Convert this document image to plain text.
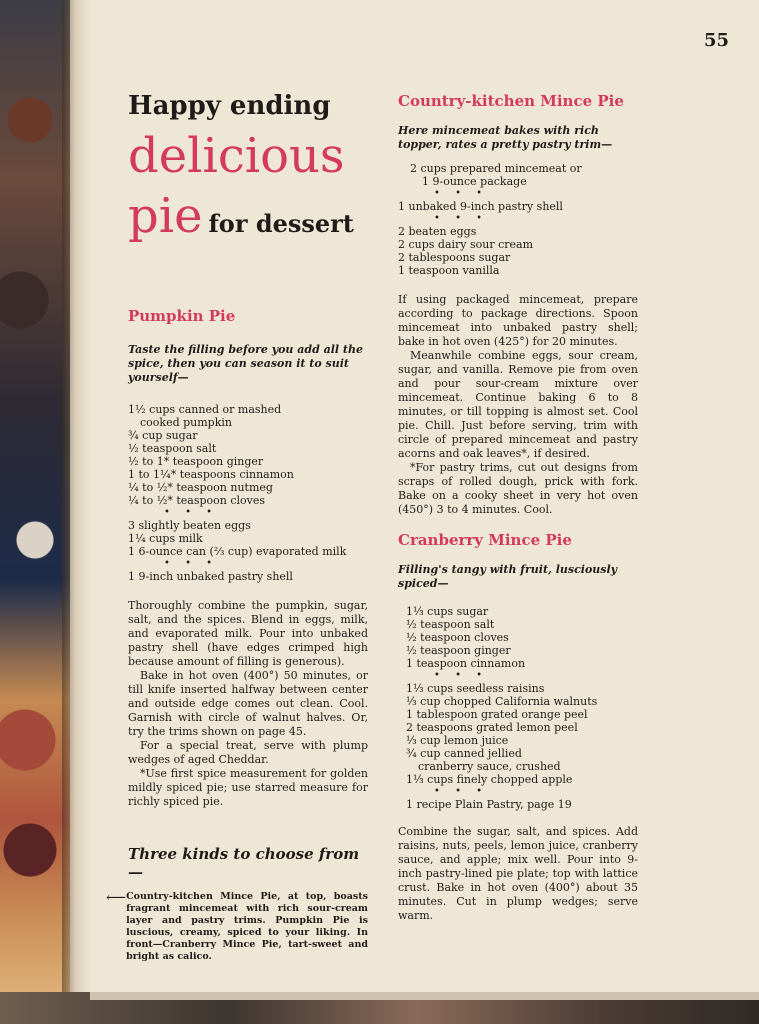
55
Happy ending
delicious
pie for dessert
Pumpkin Pie

Taste the filling before you add all the spice, then you can season it to suit yourself—

1½ cups canned or mashed
cooked pumpkin
¾ cup sugar
½ teaspoon salt
½ to 1* teaspoon ginger
1 to 1¼* teaspoons cinnamon
¼ to ½* teaspoon nutmeg
¼ to ½* teaspoon cloves
• • •
3 slightly beaten eggs
1¼ cups milk
1 6-ounce can (⅔ cup) evaporated milk
• • •
1 9-inch unbaked pastry shell

Thoroughly combine the pumpkin, sugar, salt, and the spices. Blend in eggs, milk, and evaporated milk. Pour into unbaked pastry shell (have edges crimped high because amount of filling is generous).

Bake in hot oven (400°) 50 minutes, or till knife inserted halfway between center and outside edge comes out clean. Cool. Garnish with circle of walnut halves. Or, try the trims shown on page 45.

For a special treat, serve with plump wedges of aged Cheddar.

*Use first spice measurement for golden mildly spiced pie; use starred measure for richly spiced pie.

Three kinds to choose from—
⟵ Country-kitchen Mince Pie, at top, boasts fragrant mincemeat with rich sour-cream layer and pastry trims. Pumpkin Pie is luscious, creamy, spiced to your liking. In front—Cranberry Mince Pie, tart-sweet and bright as calico.
Country-kitchen Mince Pie

Here mincemeat bakes with rich topper, rates a pretty pastry trim—

2 cups prepared mincemeat or
1 9-ounce package
• • •
1 unbaked 9-inch pastry shell
• • •
2 beaten eggs
2 cups dairy sour cream
2 tablespoons sugar
1 teaspoon vanilla

If using packaged mincemeat, prepare according to package directions. Spoon mincemeat into unbaked pastry shell; bake in hot oven (425°) for 20 minutes.

Meanwhile combine eggs, sour cream, sugar, and vanilla. Remove pie from oven and pour sour-cream mixture over mincemeat. Continue baking 6 to 8 minutes, or till topping is almost set. Cool pie. Chill. Just before serving, trim with circle of prepared mincemeat and pastry acorns and oak leaves*, if desired.

*For pastry trims, cut out designs from scraps of rolled dough, prick with fork. Bake on a cooky sheet in very hot oven (450°) 3 to 4 minutes. Cool.

Cranberry Mince Pie

Filling's tangy with fruit, lusciously spiced—

1⅓ cups sugar
½ teaspoon salt
½ teaspoon cloves
½ teaspoon ginger
1 teaspoon cinnamon
• • •
1⅓ cups seedless raisins
⅓ cup chopped California walnuts
1 tablespoon grated orange peel
2 teaspoons grated lemon peel
⅓ cup lemon juice
¾ cup canned jellied
cranberry sauce, crushed
1⅓ cups finely chopped apple
• • •
1 recipe Plain Pastry, page 19

Combine the sugar, salt, and spices. Add raisins, nuts, peels, lemon juice, cranberry sauce, and apple; mix well. Pour into 9-inch pastry-lined pie plate; top with lattice crust. Bake in hot oven (400°) about 35 minutes. Cut in plump wedges; serve warm.
